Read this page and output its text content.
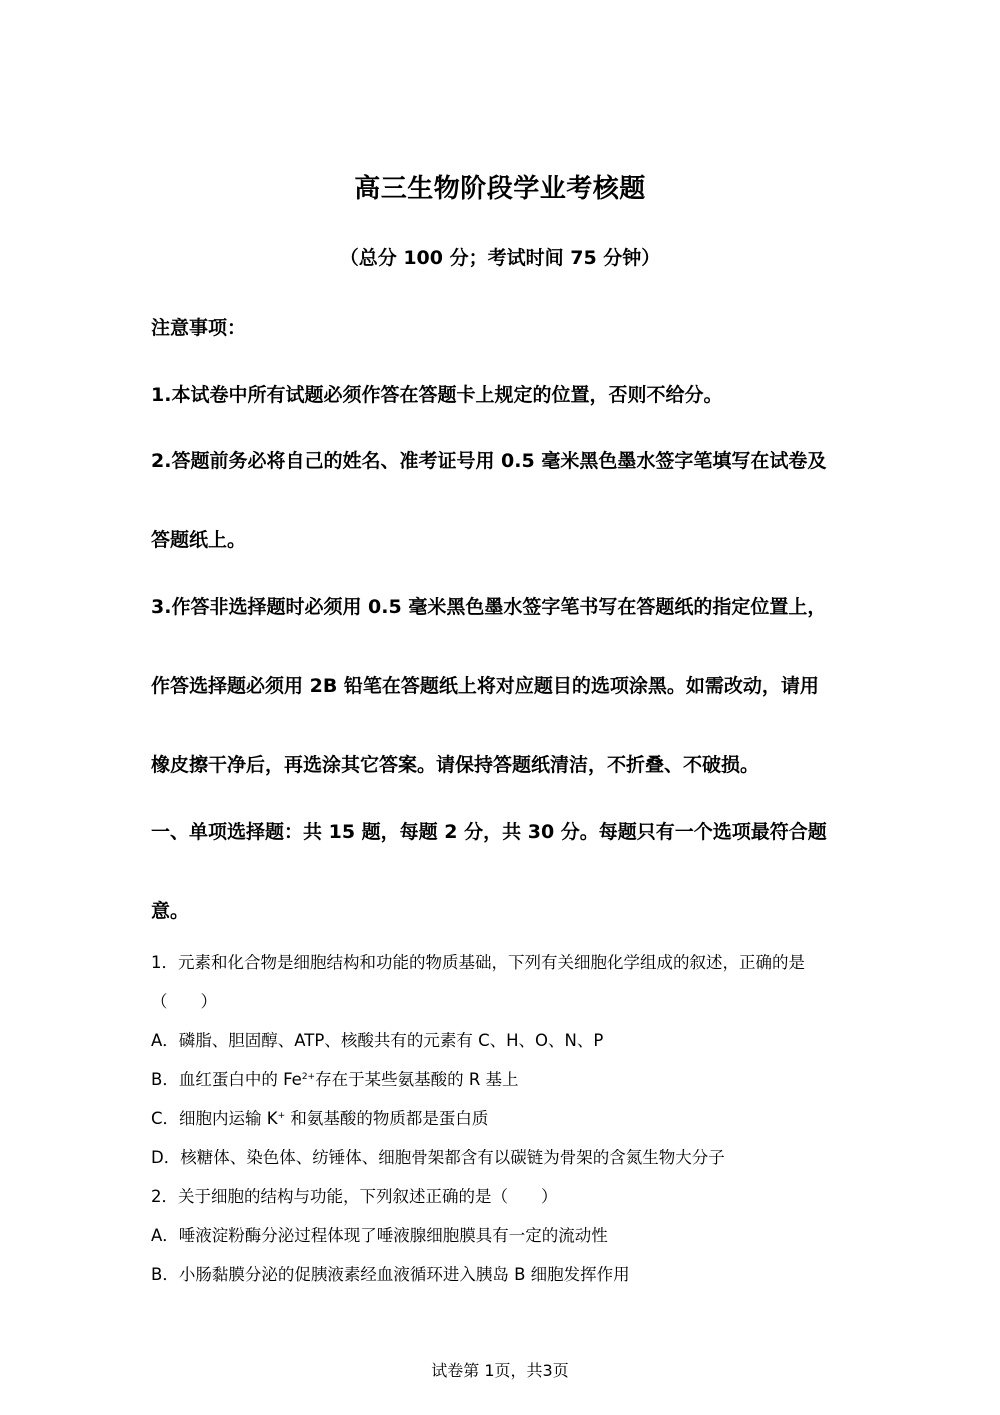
高三生物阶段学业考核题
（总分 100 分；考试时间 75 分钟）
注意事项：
1.本试卷中所有试题必须作答在答题卡上规定的位置，否则不给分。
2.答题前务必将自己的姓名、准考证号用 0.5 毫米黑色墨水签字笔填写在试卷及
答题纸上。
3.作答非选择题时必须用 0.5 毫米黑色墨水签字笔书写在答题纸的指定位置上，
作答选择题必须用 2B 铅笔在答题纸上将对应题目的选项涂黑。如需改动，请用
橡皮擦干净后，再选涂其它答案。请保持答题纸清洁，不折叠、不破损。
一、单项选择题：共 15 题，每题 2 分，共 30 分。每题只有一个选项最符合题
意。
1．元素和化合物是细胞结构和功能的物质基础，下列有关细胞化学组成的叙述，正确的是
（　　）
A．磷脂、胆固醇、ATP、核酸共有的元素有 C、H、O、N、P
B．血红蛋白中的 $Fe^{2+}$存在于某些氨基酸的 R 基上
C．细胞内运输 K+ 和氨基酸的物质都是蛋白质
D．核糖体、染色体、纺锤体、细胞骨架都含有以碳链为骨架的含氮生物大分子
2．关于细胞的结构与功能，下列叙述正确的是（　　）
A．唾液淀粉酶分泌过程体现了唾液腺细胞膜具有一定的流动性
B．小肠黏膜分泌的促胰液素经血液循环进入胰岛 B 细胞发挥作用
试卷第 1页，共3页
